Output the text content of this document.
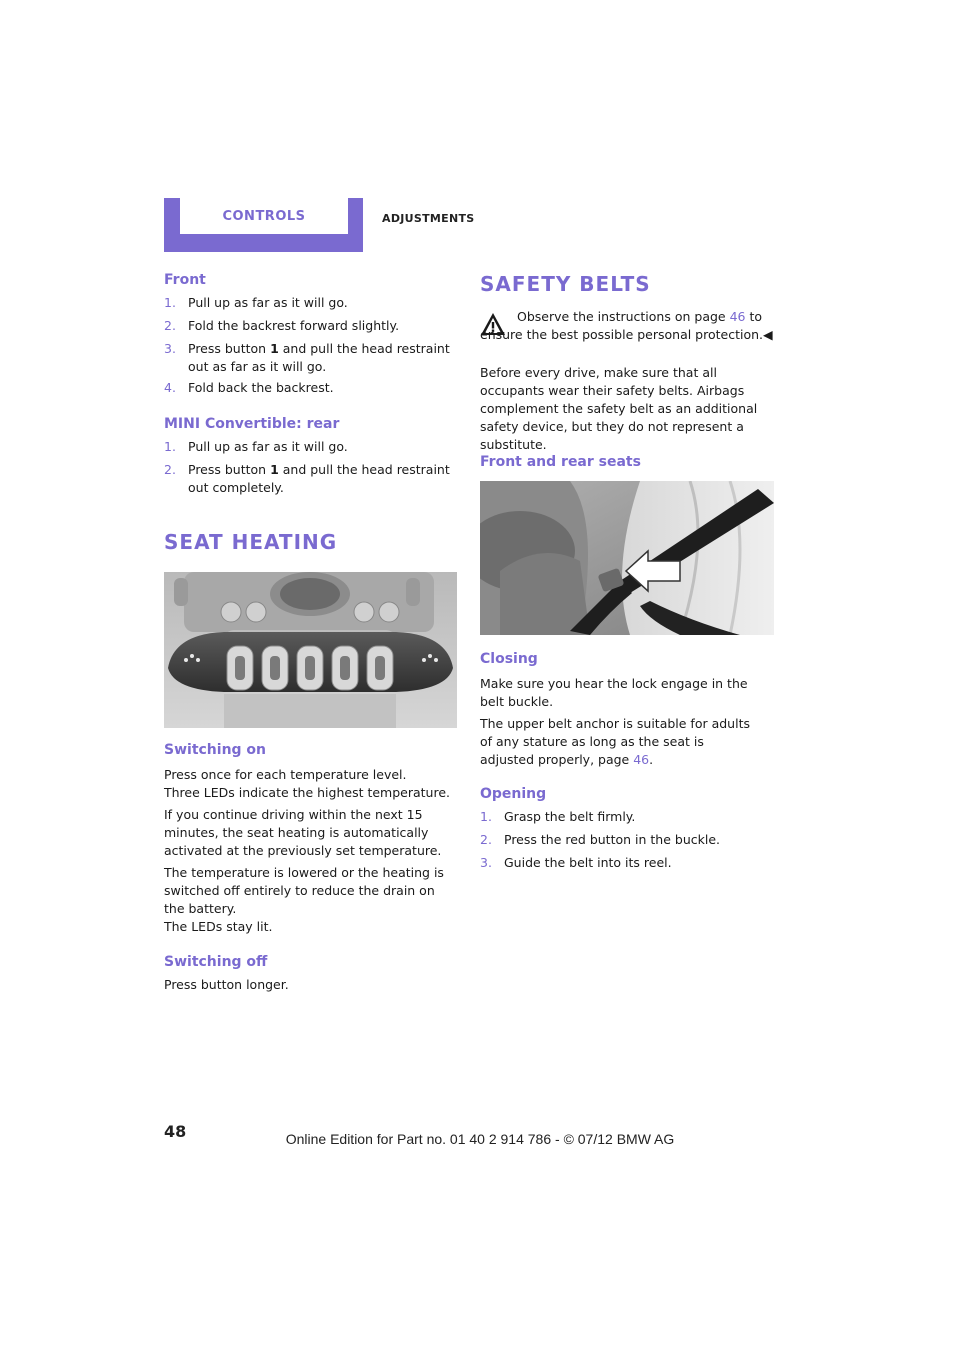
CONTROLS	ADJUSTMENTS
Front
1. Pull up as far as it will go.
2. Fold the backrest forward slightly.
3. Press button 1 and pull the head restraint out as far as it will go.
4. Fold back the backrest.
MINI Convertible: rear
1. Pull up as far as it will go.
2. Press button 1 and pull the head restraint out completely.
SEAT HEATING
Switching on
Press once for each temperature level.
Three LEDs indicate the highest temperature.
If you continue driving within the next 15 minutes, the seat heating is automatically activated at the previously set temperature.
The temperature is lowered or the heating is switched off entirely to reduce the drain on the battery.
The LEDs stay lit.
Switching off
Press button longer.
SAFETY BELTS
Observe the instructions on page 46 to ensure the best possible personal protection.◀
Before every drive, make sure that all occupants wear their safety belts. Airbags complement the safety belt as an additional safety device, but they do not represent a substitute.
Front and rear seats
Closing
Make sure you hear the lock engage in the belt buckle.
The upper belt anchor is suitable for adults of any stature as long as the seat is adjusted properly, page 46.
Opening
1. Grasp the belt firmly.
2. Press the red button in the buckle.
3. Guide the belt into its reel.
48	Online Edition for Part no. 01 40 2 914 786 - © 07/12 BMW AG
